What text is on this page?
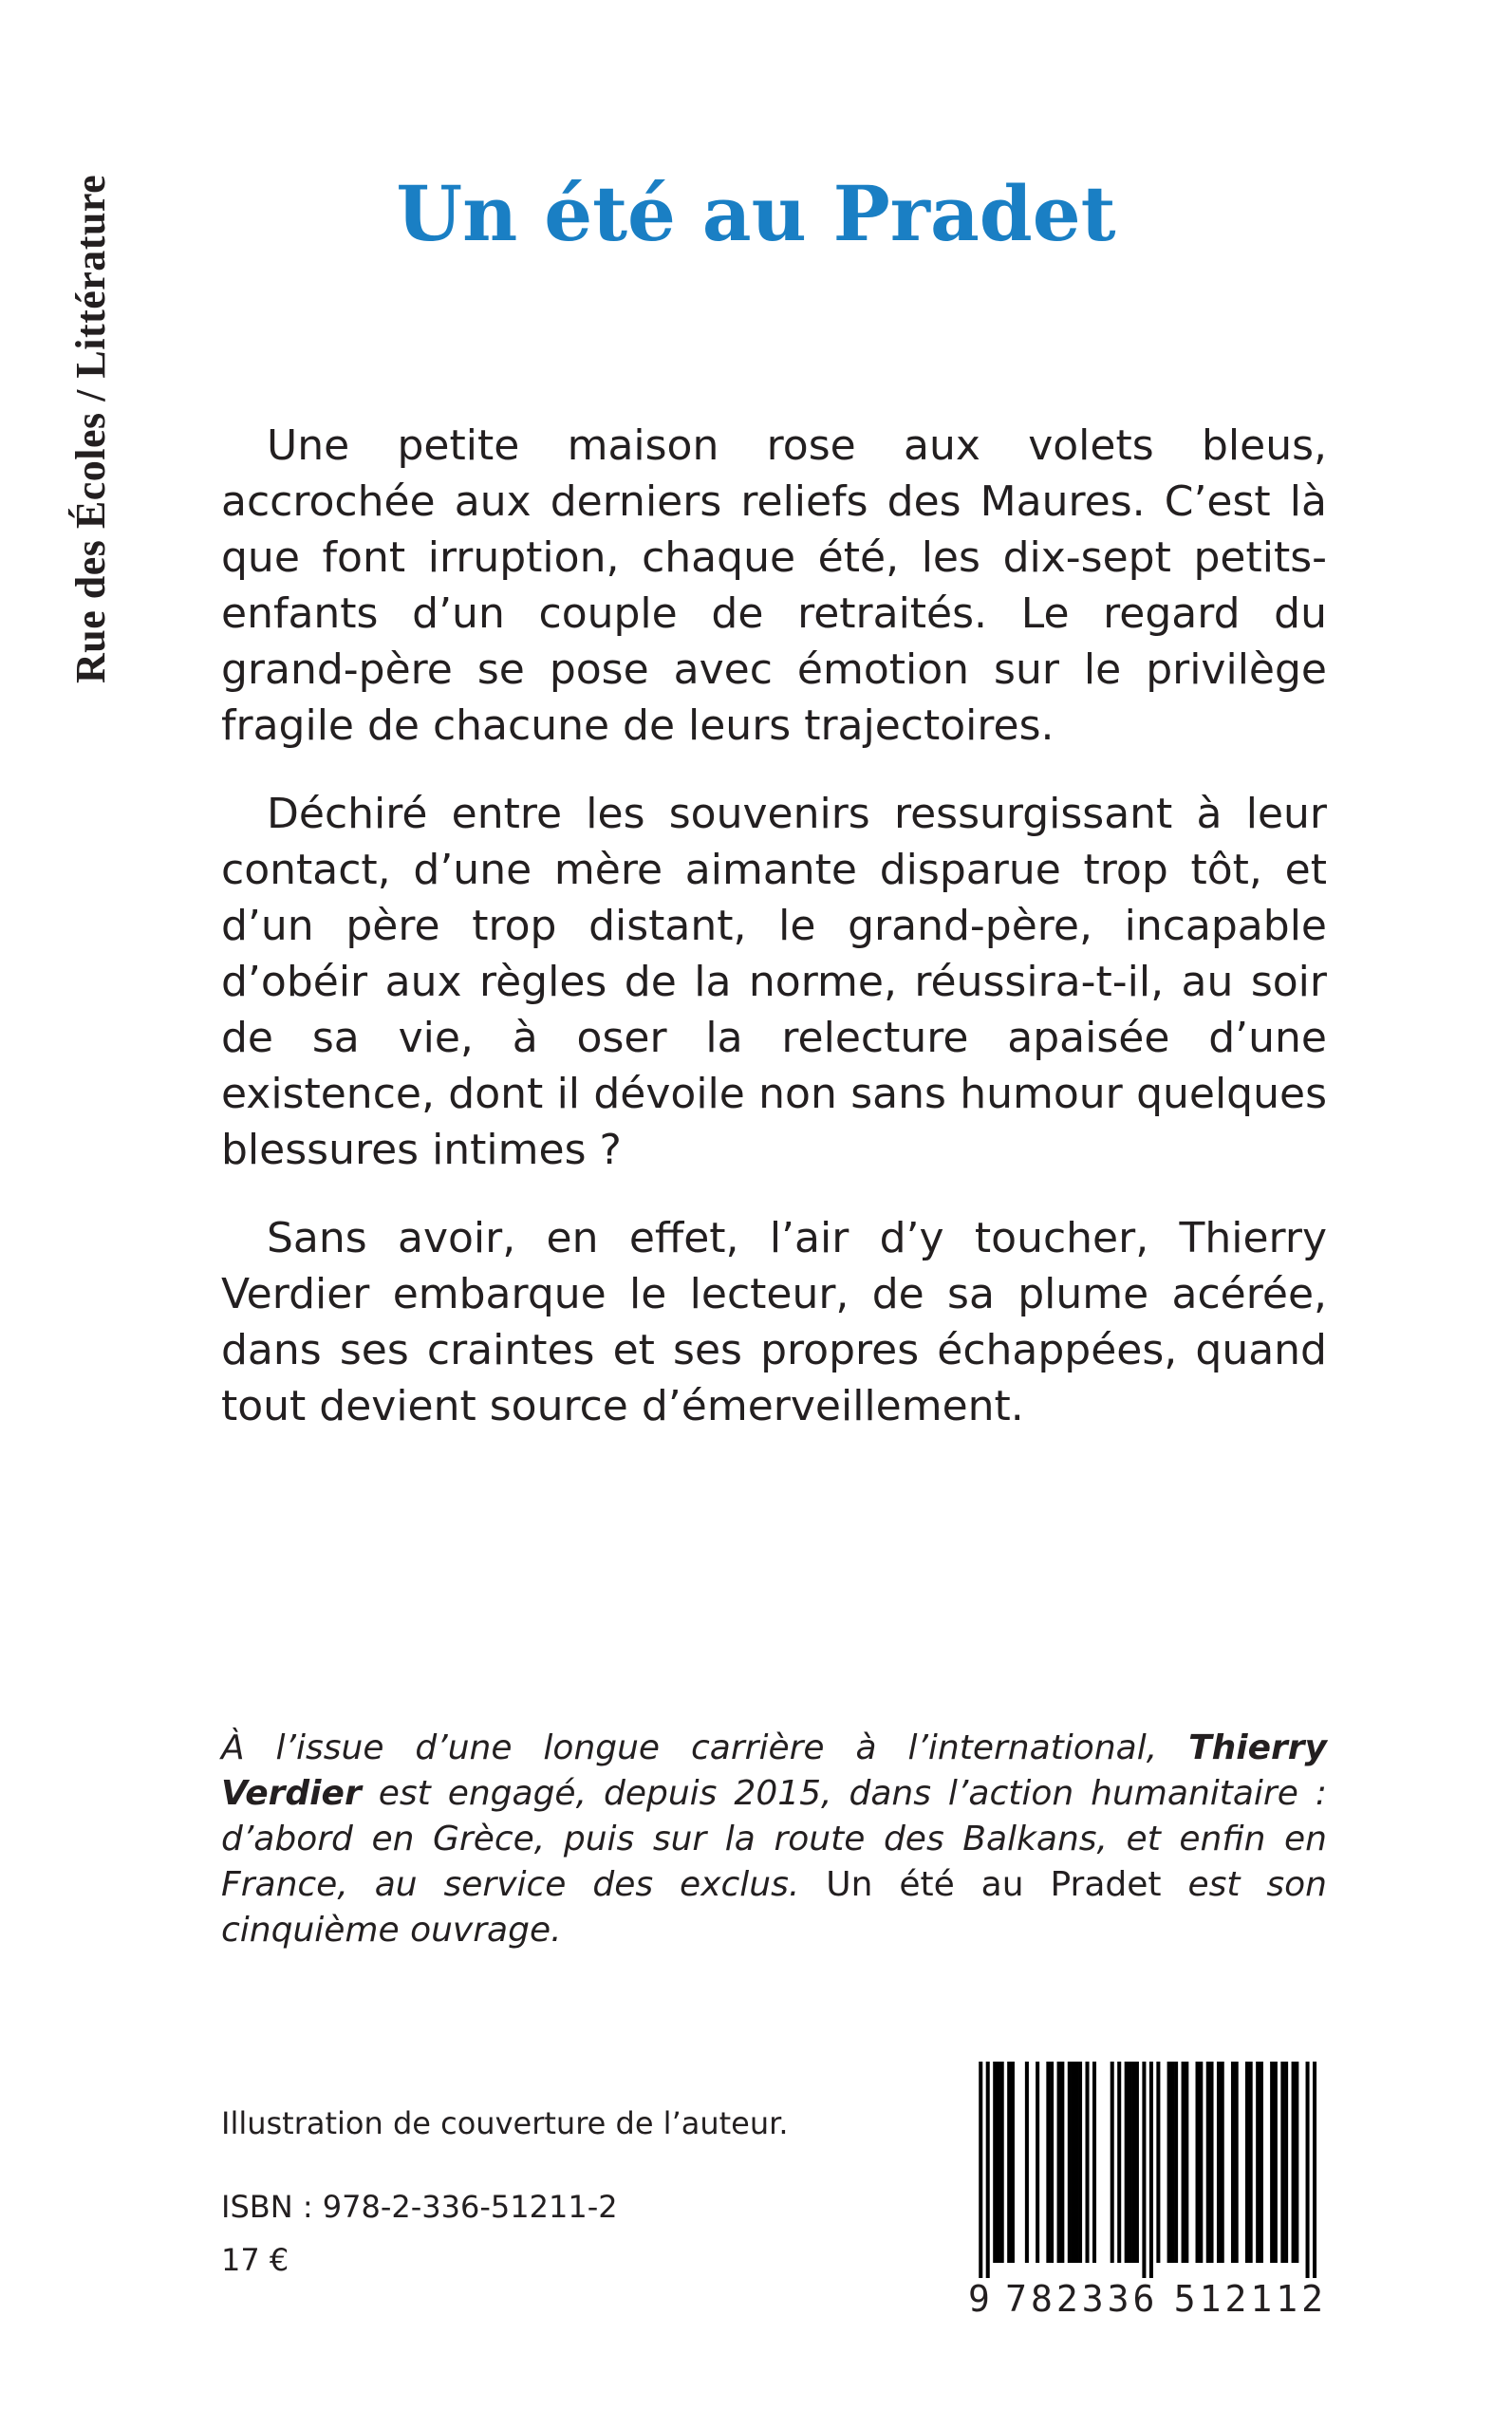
Rue des Écoles / Littérature	Un été au Pradet

Une petite maison rose aux volets bleus, accrochée aux derniers reliefs des Maures. C’est là que font irruption, chaque été, les dix-sept petits-enfants d’un couple de retraités. Le regard du grand-père se pose avec émotion sur le privilège fragile de chacune de leurs trajectoires.

Déchiré entre les souvenirs ressurgissant à leur contact, d’une mère aimante disparue trop tôt, et d’un père trop distant, le grand-père, incapable d’obéir aux règles de la norme, réussira-t-il, au soir de sa vie, à oser la relecture apaisée d’une existence, dont il dévoile non sans humour quelques blessures intimes ?

Sans avoir, en effet, l’air d’y toucher, Thierry Verdier embarque le lecteur, de sa plume acérée, dans ses craintes et ses propres échappées, quand tout devient source d’émerveillement.

À l’issue d’une longue carrière à l’international, Thierry Verdier est engagé, depuis 2015, dans l’action humanitaire : d’abord en Grèce, puis sur la route des Balkans, et enfin en France, au service des exclus. Un été au Pradet est son cinquième ouvrage.
Illustration de couverture de l’auteur.
ISBN : 978-2-336-51211-2
17 €
9 782336 512112
